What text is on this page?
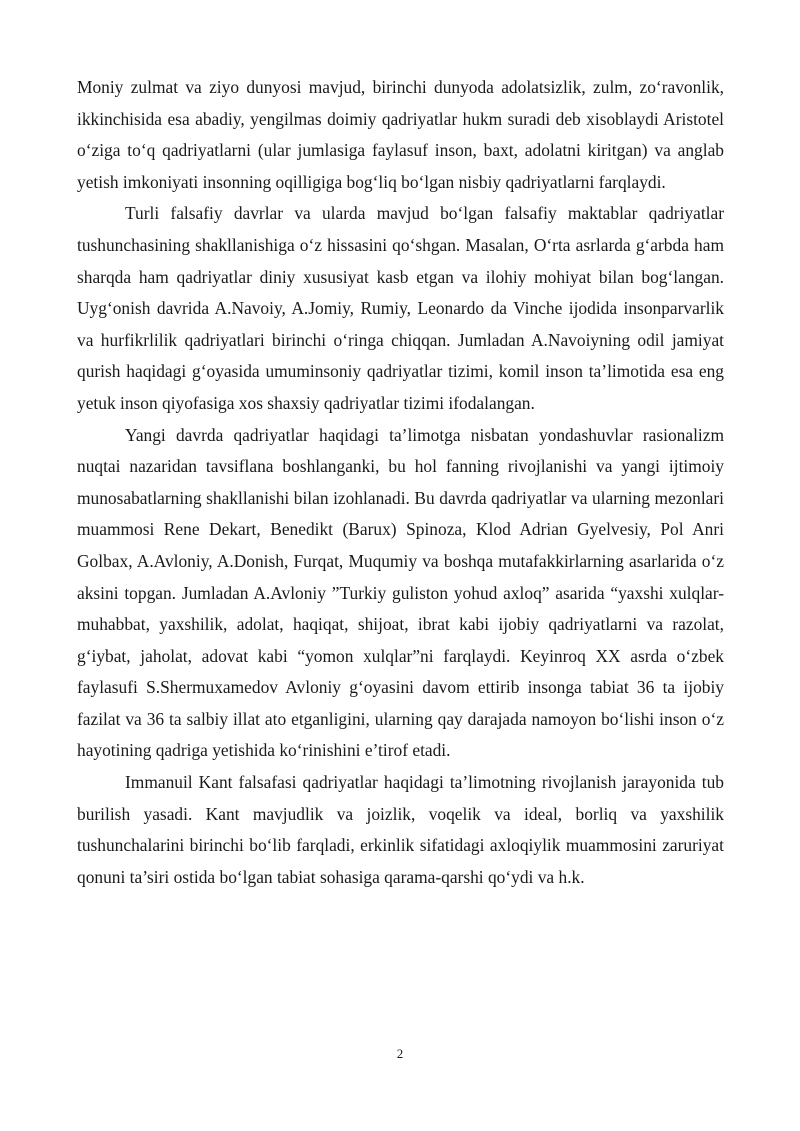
Moniy zulmat va ziyo dunyosi mavjud, birinchi dunyoda adolatsizlik, zulm, zo‘ravonlik, ikkinchisida esa abadiy, yengilmas doimiy qadriyatlar hukm suradi deb xisoblaydi Aristotel o‘ziga to‘q qadriyatlarni (ular jumlasiga faylasuf inson, baxt, adolatni kiritgan) va anglab yetish imkoniyati insonning oqilligiga bog‘liq bo‘lgan nisbiy qadriyatlarni farqlaydi.

Turli falsafiy davrlar va ularda mavjud bo‘lgan falsafiy maktablar qadriyatlar tushunchasining shakllanishiga o‘z hissasini qo‘shgan. Masalan, O‘rta asrlarda g‘arbda ham sharqda ham qadriyatlar diniy xususiyat kasb etgan va ilohiy mohiyat bilan bog‘langan. Uyg‘onish davrida A.Navoiy, A.Jomiy, Rumiy, Leonardo da Vinche ijodida insonparvarlik va hurfikrlilik qadriyatlari birinchi o‘ringa chiqqan. Jumladan A.Navoiyning odil jamiyat qurish haqidagi g‘oyasida umuminsoniy qadriyatlar tizimi, komil inson ta’limotida esa eng yetuk inson qiyofasiga xos shaxsiy qadriyatlar tizimi ifodalangan.

Yangi davrda qadriyatlar haqidagi ta’limotga nisbatan yondashuvlar rasionalizm nuqtai nazaridan tavsiflana boshlanganki, bu hol fanning rivojlanishi va yangi ijtimoiy munosabatlarning shakllanishi bilan izohlanadi. Bu davrda qadriyatlar va ularning mezonlari muammosi Rene Dekart, Benedikt (Barux) Spinoza, Klod Adrian Gyelvesiy, Pol Anri Golbax, A.Avloniy, A.Donish, Furqat, Muqumiy va boshqa mutafakkirlarning asarlarida o‘z aksini topgan. Jumladan A.Avloniy ”Turkiy guliston yohud axloq” asarida “yaxshi xulqlar- muhabbat, yaxshilik, adolat, haqiqat, shijoat, ibrat kabi ijobiy qadriyatlarni va razolat, g‘iybat, jaholat, adovat kabi “yomon xulqlar”ni farqlaydi. Keyinroq XX asrda o‘zbek faylasufi S.Shermuxamedov Avloniy g‘oyasini davom ettirib insonga tabiat 36 ta ijobiy fazilat va 36 ta salbiy illat ato etganligini, ularning qay darajada namoyon bo‘lishi inson o‘z hayotining qadriga yetishida ko‘rinishini e’tirof etadi.

Immanuil Kant falsafasi qadriyatlar haqidagi ta’limotning rivojlanish jarayonida tub burilish yasadi. Kant mavjudlik va joizlik, voqelik va ideal, borliq va yaxshilik tushunchalarini birinchi bo‘lib farqladi, erkinlik sifatidagi axloqiylik muammosini zaruriyat qonuni ta’siri ostida bo‘lgan tabiat sohasiga qarama-qarshi qo‘ydi va h.k.

2
